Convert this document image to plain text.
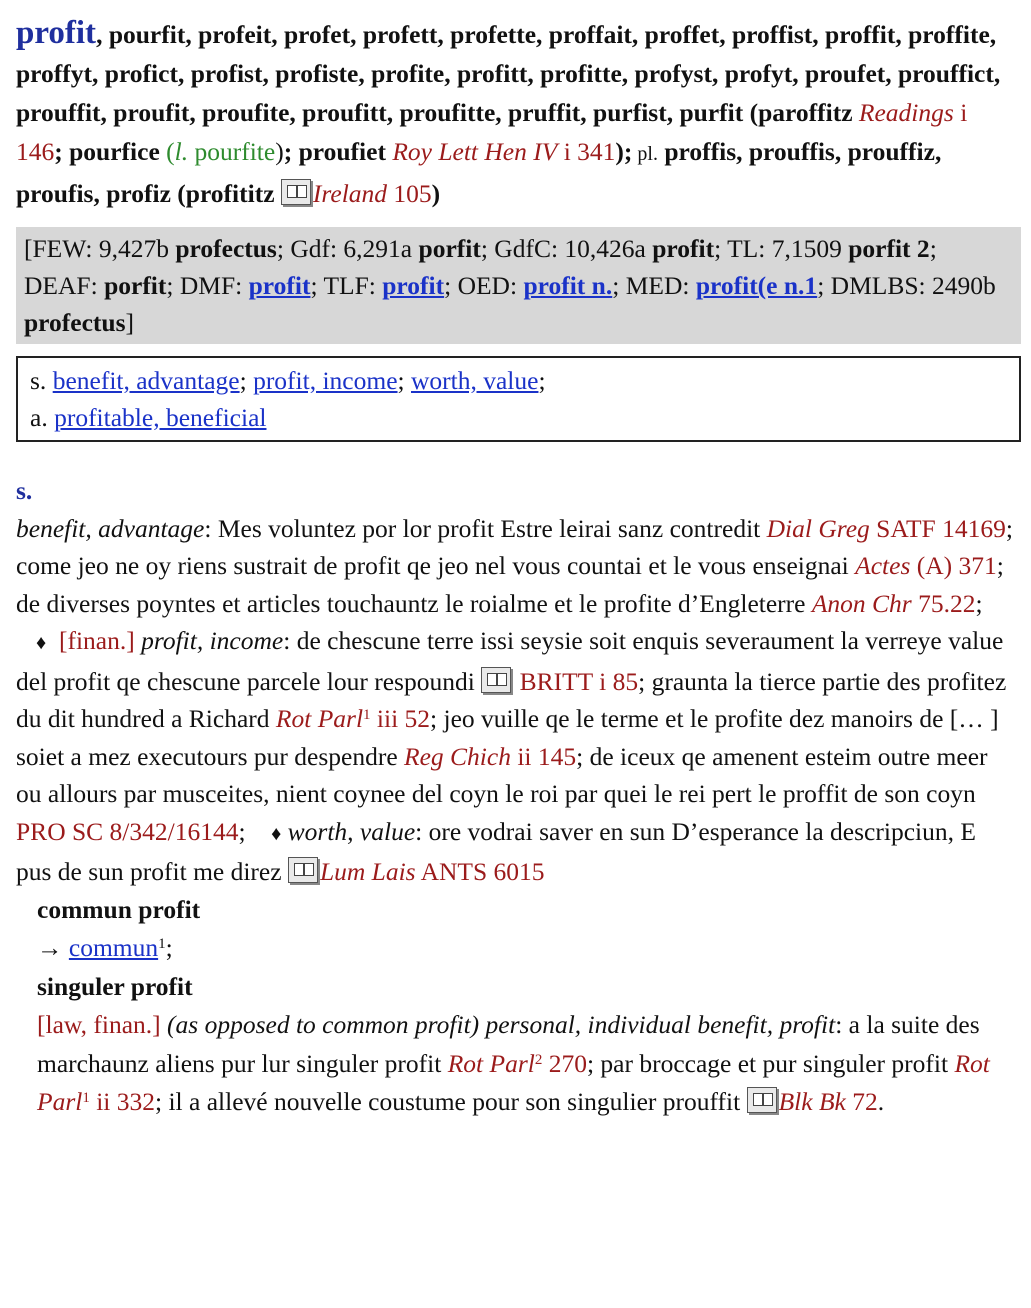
profit, pourfit, profeit, profet, profett, profette, proffait, proffet, proffist, proffit, proffite, proffyt, profict, profist, profiste, profite, profitt, profitte, profyst, profyt, proufet, prouffict, prouffit, proufit, proufite, proufitt, proufitte, pruffit, purfist, purfit (paroffitz Readings i 146; pourfice (l. pourfite); proufiet Roy Lett Hen IV i 341); pl. proffis, prouffis, prouffiz, proufis, profiz (profititz Ireland 105)
[FEW: 9,427b profectus; Gdf: 6,291a porfit; GdfC: 10,426a profit; TL: 7,1509 porfit 2; DEAF: porfit; DMF: profit; TLF: profit; OED: profit n.; MED: profit(e n.1; DMLBS: 2490b profectus]
s. benefit, advantage; profit, income; worth, value;
a. profitable, beneficial
s.
benefit, advantage: Mes voluntez por lor profit Estre leirai sanz contredit Dial Greg SATF 14169; come jeo ne oy riens sustrait de profit qe jeo nel vous countai et le vous enseignai Actes (A) 371; de diverses poyntes et articles touchauntz le roialme et le profite d’Engleterre Anon Chr 75.22;
♦ [finan.] profit, income: de chescune terre issi seysie soit enquis severaument la verreye value del profit qe chescune parcele lour respoundi  BRITT i 85; graunta la tierce partie des profitez du dit hundred a Richard Rot Parl$^1$ iii 52; jeo vuille qe le terme et le profite dez manoirs de [… ] soiet a mez executours pur despendre Reg Chich ii 145; de iceux qe amenent esteim outre meer ou allours par musceites, nient coynee del coyn le roi par quei le rei pert le proffit de son coyn PRO SC 8/342/16144; ♦ worth, value: ore vodrai saver en sun D’esperance la descripciun, E pus de sun profit me direz Lum Lais ANTS 6015
commun profit
→ commun$^1$;
singuler profit
[law, finan.] (as opposed to common profit) personal, individual benefit, profit: a la suite des marchaunz aliens pur lur singuler profit Rot Parl$^2$ 270; par broccage et pur singuler profit Rot Parl$^1$ ii 332; il a allevé nouvelle coustume pour son singulier prouffit Blk Bk 72.
